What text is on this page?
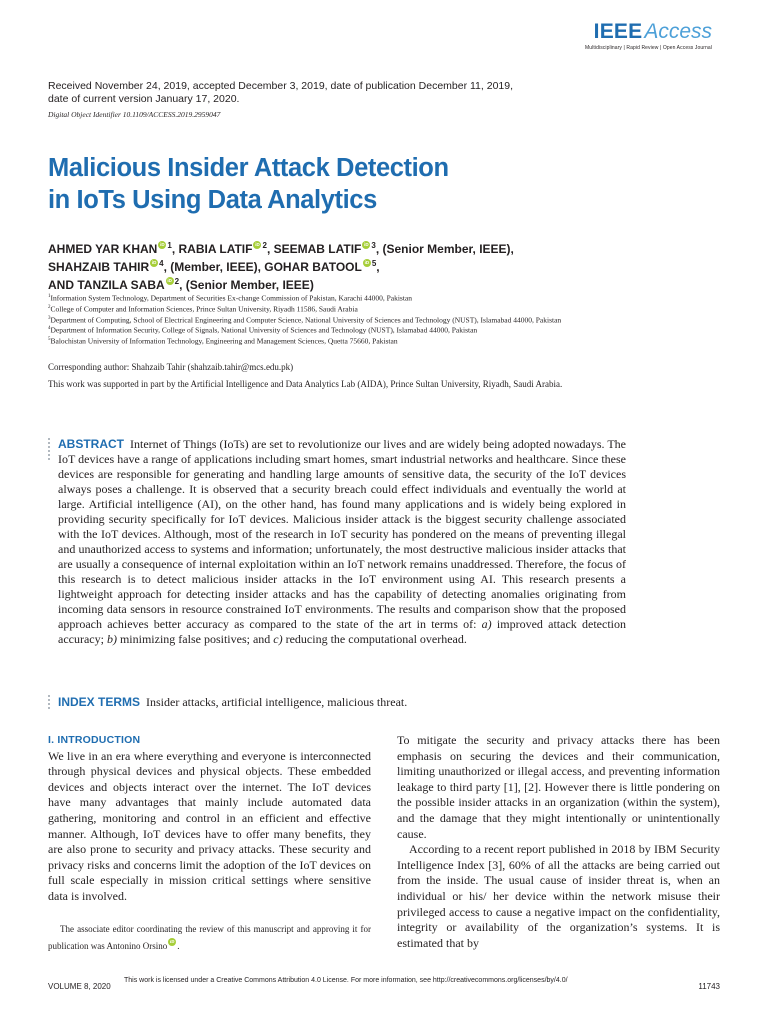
IEEEAccess
Multidisciplinary | Rapid Review | Open Access Journal
Received November 24, 2019, accepted December 3, 2019, date of publication December 11, 2019,
date of current version January 17, 2020.
Digital Object Identifier 10.1109/ACCESS.2019.2959047
Malicious Insider Attack Detection
in IoTs Using Data Analytics
AHMED YAR KHAN iD $^1$, RABIA LATIF iD $^2$, SEEMAB LATIF iD $^3$, (Senior Member, IEEE),
SHAHZAIB TAHIR iD $^4$, (Member, IEEE), GOHAR BATOOL iD $^5$,
AND TANZILA SABA iD $^2$, (Senior Member, IEEE)
$^1$Information System Technology, Department of Securities Ex-change Commission of Pakistan, Karachi 44000, Pakistan
$^2$College of Computer and Information Sciences, Prince Sultan University, Riyadh 11586, Saudi Arabia
$^3$Department of Computing, School of Electrical Engineering and Computer Science, National University of Sciences and Technology (NUST), Islamabad 44000, Pakistan
$^4$Department of Information Security, College of Signals, National University of Sciences and Technology (NUST), Islamabad 44000, Pakistan
$^5$Balochistan University of Information Technology, Engineering and Management Sciences, Quetta 75660, Pakistan
Corresponding author: Shahzaib Tahir (shahzaib.tahir@mcs.edu.pk)
This work was supported in part by the Artificial Intelligence and Data Analytics Lab (AIDA), Prince Sultan University, Riyadh, Saudi Arabia.
ABSTRACT Internet of Things (IoTs) are set to revolutionize our lives and are widely being adopted nowadays. The IoT devices have a range of applications including smart homes, smart industrial networks and healthcare. Since these devices are responsible for generating and handling large amounts of sensitive data, the security of the IoT devices always poses a challenge. It is observed that a security breach could effect individuals and eventually the world at large. Artificial intelligence (AI), on the other hand, has found many applications and is widely being explored in providing security specifically for IoT devices. Malicious insider attack is the biggest security challenge associated with the IoT devices. Although, most of the research in IoT security has pondered on the means of preventing illegal and unauthorized access to systems and information; unfortunately, the most destructive malicious insider attacks that are usually a consequence of internal exploitation within an IoT network remains unaddressed. Therefore, the focus of this research is to detect malicious insider attacks in the IoT environment using AI. This research presents a lightweight approach for detecting insider attacks and has the capability of detecting anomalies originating from incoming data sensors in resource constrained IoT environments. The results and comparison show that the proposed approach achieves better accuracy as compared to the state of the art in terms of: a) improved attack detection accuracy; b) minimizing false positives; and c) reducing the computational overhead.
INDEX TERMS Insider attacks, artificial intelligence, malicious threat.
I. INTRODUCTION

We live in an era where everything and everyone is interconnected through physical devices and physical objects. These embedded devices and objects interact over the internet. The IoT devices have many advantages that mainly include automated data gathering, monitoring and control in an efficient and effective manner. Although, IoT devices have to offer many benefits, they are also prone to security and privacy attacks. These security and privacy risks and concerns limit the adoption of the IoT devices on full scale especially in mission critical settings where sensitive data is involved.

The associate editor coordinating the review of this manuscript and approving it for publication was Antonino Orsino iD .

To mitigate the security and privacy attacks there has been emphasis on securing the devices and their communication, limiting unauthorized or illegal access, and preventing information leakage to third party [1], [2]. However there is little pondering on the possible insider attacks in an organization (within the system), and the damage that they might intentionally or unintentionally cause.

According to a recent report published in 2018 by IBM Security Intelligence Index [3], 60% of all the attacks are being carried out from the inside. The usual cause of insider threat is, when an individual or his/ her device within the network misuse their privileged access to cause a negative impact on the confidentiality, integrity or availability of the organization’s systems. It is estimated that by

VOLUME 8, 2020
This work is licensed under a Creative Commons Attribution 4.0 License. For more information, see http://creativecommons.org/licenses/by/4.0/
11743
